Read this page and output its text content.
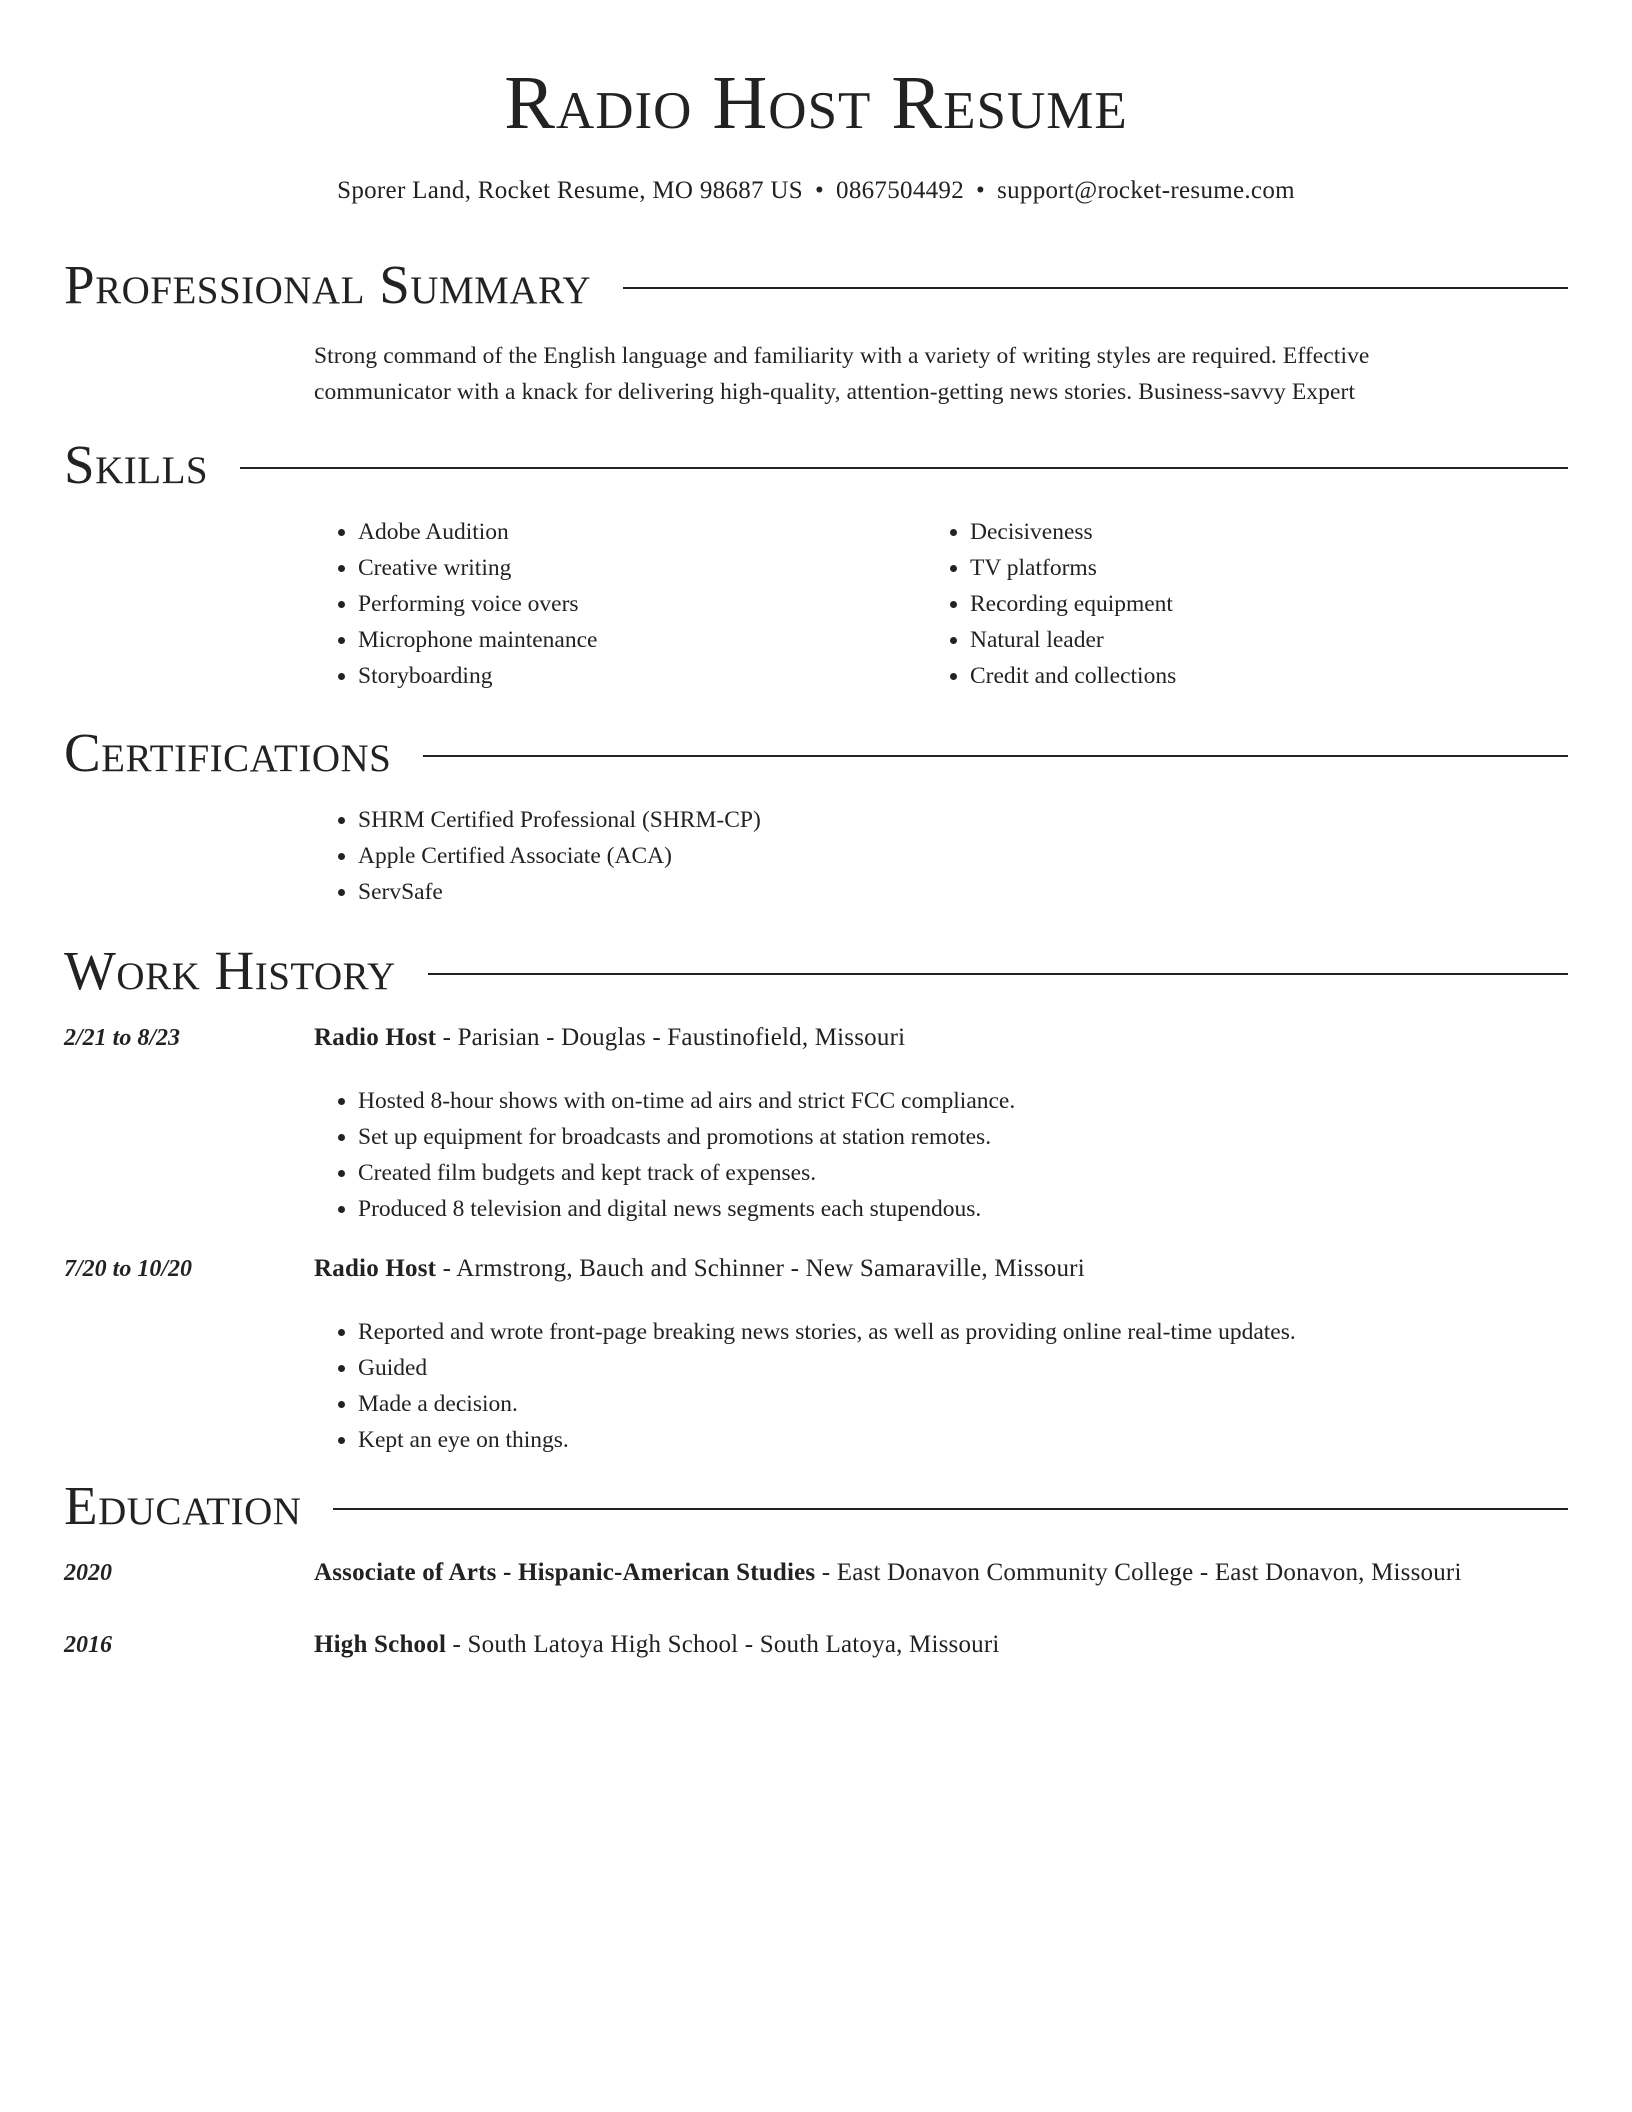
Radio Host Resume
Sporer Land, Rocket Resume, MO 98687 US • 0867504492 • support@rocket-resume.com
Professional Summary
Strong command of the English language and familiarity with a variety of writing styles are required. Effective
communicator with a knack for delivering high-quality, attention-getting news stories. Business-savvy Expert
Skills
• Adobe Audition
• Creative writing
• Performing voice overs
• Microphone maintenance
• Storyboarding
• Decisiveness
• TV platforms
• Recording equipment
• Natural leader
• Credit and collections
Certifications
• SHRM Certified Professional (SHRM-CP)
• Apple Certified Associate (ACA)
• ServSafe
Work History
2/21 to 8/23	Radio Host - Parisian - Douglas - Faustinofield, Missouri
• Hosted 8-hour shows with on-time ad airs and strict FCC compliance.
• Set up equipment for broadcasts and promotions at station remotes.
• Created film budgets and kept track of expenses.
• Produced 8 television and digital news segments each stupendous.
7/20 to 10/20	Radio Host - Armstrong, Bauch and Schinner - New Samaraville, Missouri
• Reported and wrote front-page breaking news stories, as well as providing online real-time updates.
• Guided
• Made a decision.
• Kept an eye on things.
Education
2020	Associate of Arts - Hispanic-American Studies - East Donavon Community College - East Donavon, Missouri
2016	High School - South Latoya High School - South Latoya, Missouri
